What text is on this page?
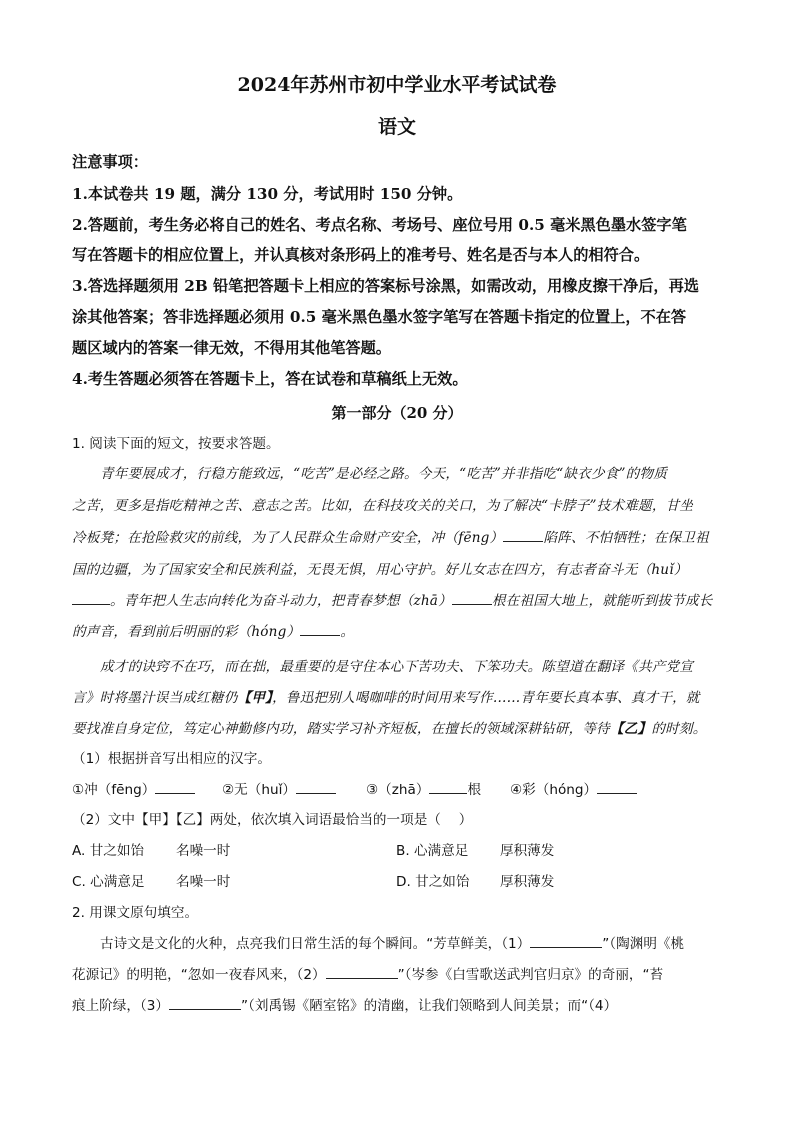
2024年苏州市初中学业水平考试试卷
语文
注意事项：
1.本试卷共 19 题，满分 130 分，考试用时 150 分钟。
2.答题前，考生务必将自己的姓名、考点名称、考场号、座位号用 0.5 毫米黑色墨水签字笔
写在答题卡的相应位置上，并认真核对条形码上的准考号、姓名是否与本人的相符合。
3.答选择题须用 2B 铅笔把答题卡上相应的答案标号涂黑，如需改动，用橡皮擦干净后，再选
涂其他答案；答非选择题必须用 0.5 毫米黑色墨水签字笔写在答题卡指定的位置上，不在答
题区域内的答案一律无效，不得用其他笔答题。
4.考生答题必须答在答题卡上，答在试卷和草稿纸上无效。
第一部分（20 分）
1. 阅读下面的短文，按要求答题。
青年要展成才，行稳方能致远，“吃苦”是必经之路。今天，“吃苦”并非指吃“缺衣少食”的物质
之苦，更多是指吃精神之苦、意志之苦。比如，在科技攻关的关口，为了解决“卡脖子”技术难题，甘坐
冷板凳；在抢险救灾的前线，为了人民群众生命财产安全，冲（fēng）	陷阵、不怕牺牲；在保卫祖
国的边疆，为了国家安全和民族利益，无畏无惧，用心守护。好儿女志在四方，有志者奋斗无（huǐ）
。青年把人生志向转化为奋斗动力，把青春梦想（zhā）	根在祖国大地上，就能听到拔节成长
的声音，看到前后明丽的彩（hóng）	。
成才的诀窍不在巧，而在拙，最重要的是守住本心下苦功夫、下笨功夫。陈望道在翻译《共产党宣
言》时将墨汁误当成红糖仍【甲】，鲁迅把别人喝咖啡的时间用来写作……青年要长真本事、真才干，就
要找准自身定位，笃定心神勤修内功，踏实学习补齐短板，在擅长的领域深耕钻研，等待【乙】的时刻。
（1）根据拼音写出相应的汉字。
①冲（fēng）	②无（huǐ）	③（zhā）	根 ④彩（hóng）
（2）文中【甲】【乙】两处，依次填入词语最恰当的一项是（　 ）
A. 甘之如饴 名噪一时	B. 心满意足 厚积薄发
C. 心满意足 名噪一时	D. 甘之如饴 厚积薄发
2. 用课文原句填空。
古诗文是文化的火种，点亮我们日常生活的每个瞬间。“芳草鲜美，（1）	”（陶渊明《桃
花源记》的明艳，“忽如一夜春风来，（2）	”（岑参《白雪歌送武判官归京》的奇丽，“苔
痕上阶绿，（3）	”（刘禹锡《陋室铭》的清幽，让我们领略到人间美景；而“（4）
